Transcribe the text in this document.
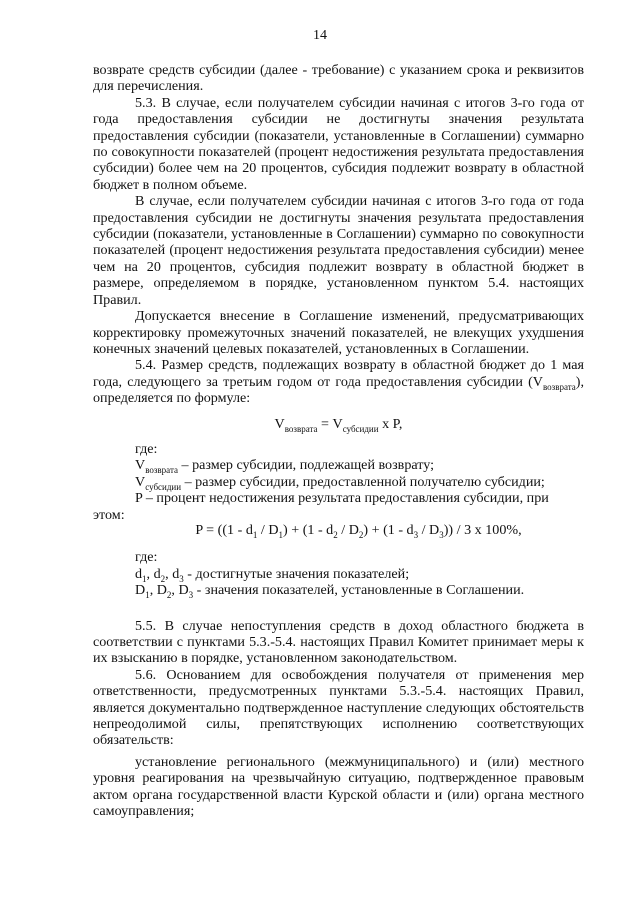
14

возврате средств субсидии (далее - требование) с указанием срока и реквизитов для перечисления.

5.3. В случае, если получателем субсидии начиная с итогов 3-го года от года предоставления субсидии не достигнуты значения результата предоставления субсидии (показатели, установленные в Соглашении) суммарно по совокупности показателей (процент недостижения результата предоставления субсидии) более чем на 20 процентов, субсидия подлежит возврату в областной бюджет в полном объеме.

В случае, если получателем субсидии начиная с итогов 3-го года от года предоставления субсидии не достигнуты значения результата предоставления субсидии (показатели, установленные в Соглашении) суммарно по совокупности показателей (процент недостижения результата предоставления субсидии) менее чем на 20 процентов, субсидия подлежит возврату в областной бюджет в размере, определяемом в порядке, установленном пунктом 5.4. настоящих Правил.

Допускается внесение в Соглашение изменений, предусматривающих корректировку промежуточных значений показателей, не влекущих ухудшения конечных значений целевых показателей, установленных в Соглашении.

5.4. Размер средств, подлежащих возврату в областной бюджет до 1 мая года, следующего за третьим годом от года предоставления субсидии $(V_{возврата})$, определяется по формуле:

$V_{возврата} = V_{субсидии}$ x P,

где:

$V_{возврата}$ – размер субсидии, подлежащей возврату;

$V_{субсидии}$ – размер субсидии, предоставленной получателю субсидии;

P – процент недостижения результата предоставления субсидии, при

этом:

$P = ((1 - d_1 / D_1) + (1 - d_2 / D_2) + (1 - d_3 / D_3)) / 3$ x 100%,

где:

$d_1$, $d_2$, $d_3$ - достигнутые значения показателей;

$D_1$, $D_2$, $D_3$ - значения показателей, установленные в Соглашении.

5.5. В случае непоступления средств в доход областного бюджета в соответствии с пунктами 5.3.-5.4. настоящих Правил Комитет принимает меры к их взысканию в порядке, установленном законодательством.

5.6. Основанием для освобождения получателя от применения мер ответственности, предусмотренных пунктами 5.3.-5.4. настоящих Правил, является документально подтвержденное наступление следующих обстоятельств непреодолимой силы, препятствующих исполнению соответствующих обязательств:

установление регионального (межмуниципального) и (или) местного уровня реагирования на чрезвычайную ситуацию, подтвержденное правовым актом органа государственной власти Курской области и (или) органа местного самоуправления;
